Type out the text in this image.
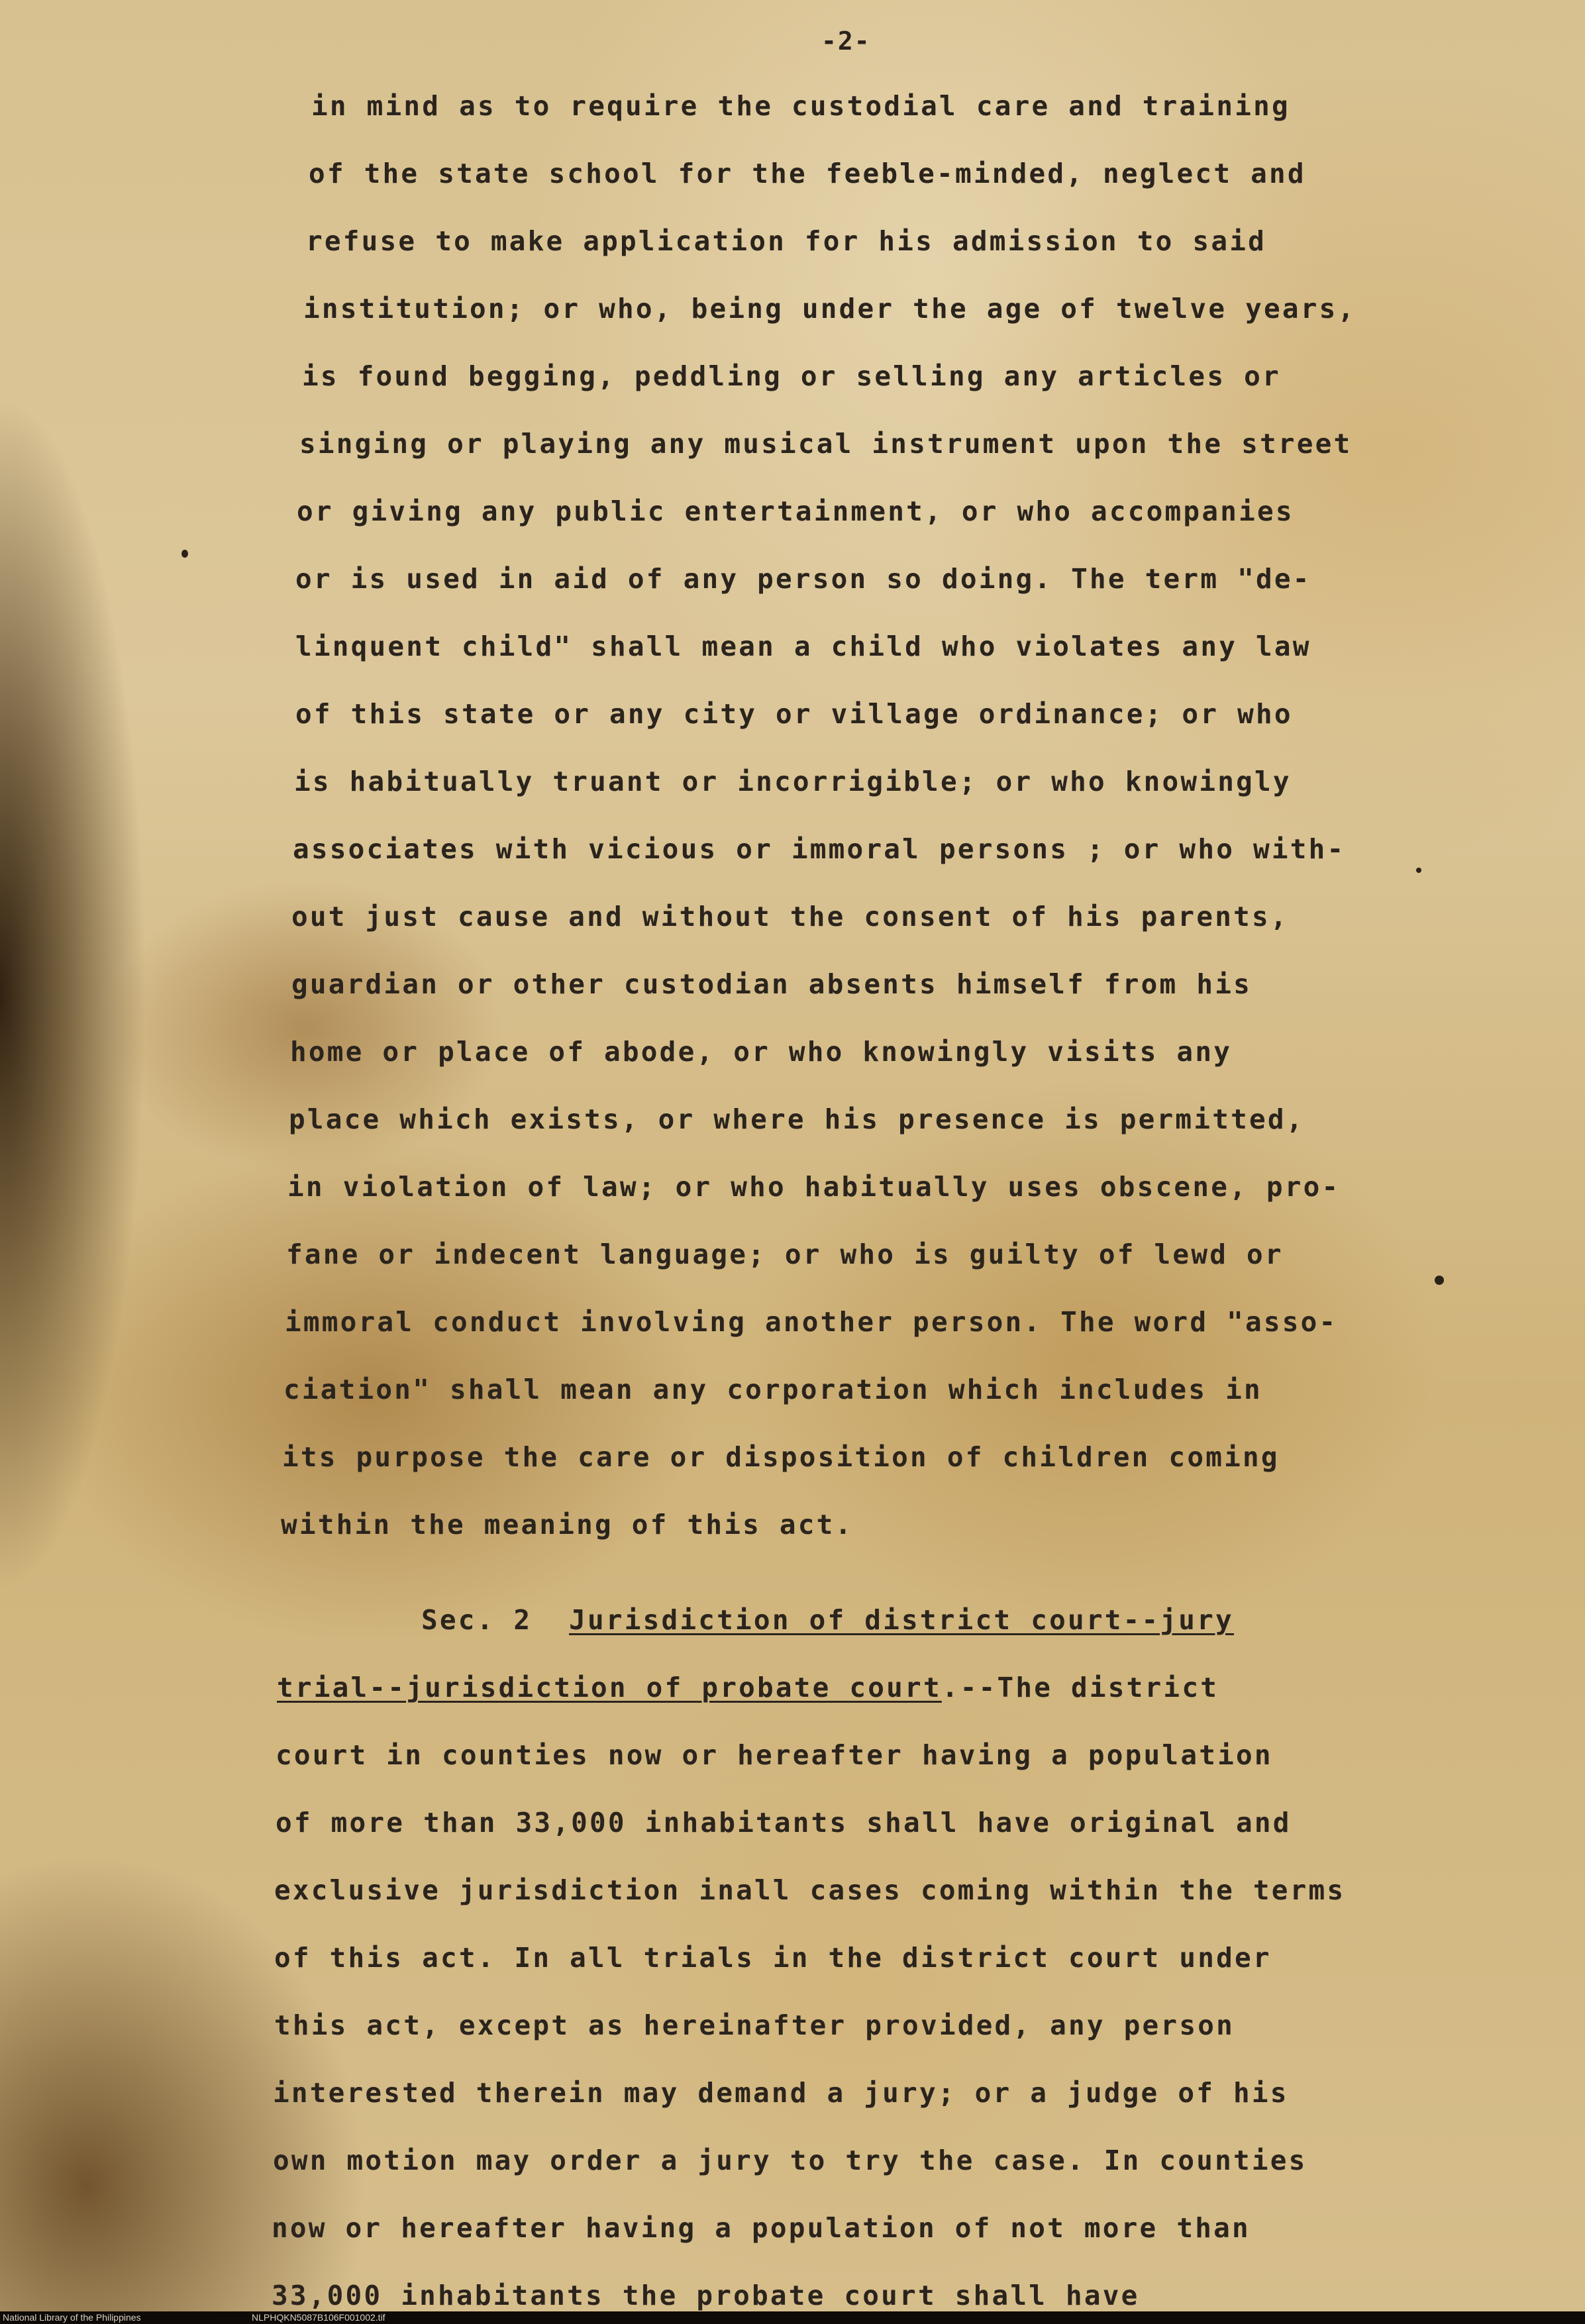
-2-
in mind as to require the custodial care and training
of the state school for the feeble-minded, neglect and
refuse to make application for his admission to said
institution; or who, being under the age of twelve years,
is found begging, peddling or selling any articles or
singing or playing any musical instrument upon the street
or giving any public entertainment, or who accompanies
or is used in aid of any person so doing. The term "de-
linquent child" shall mean a child who violates any law
of this state or any city or village ordinance; or who
is habitually truant or incorrigible; or who knowingly
associates with vicious or immoral persons ; or who with-
out just cause and without the consent of his parents,
guardian or other custodian absents himself from his
home or place of abode, or who knowingly visits any
place which exists, or where his presence is permitted,
in violation of law; or who habitually uses obscene, pro-
fane or indecent language; or who is guilty of lewd or
immoral conduct involving another person. The word "asso-
ciation" shall mean any corporation which includes in
its purpose the care or disposition of children coming
within the meaning of this act.
Sec. 2 Jurisdiction of district court--jury
trial--jurisdiction of probate court.--The district
court in counties now or hereafter having a population
of more than 33,000 inhabitants shall have original and
exclusive jurisdiction inall cases coming within the terms
of this act. In all trials in the district court under
this act, except as hereinafter provided, any person
interested therein may demand a jury; or a judge of his
own motion may order a jury to try the case. In counties
now or hereafter having a population of not more than
33,000 inhabitants the probate court shall have

National Library of the Philippines

	NLPHQKN5087B106F001002.tif
